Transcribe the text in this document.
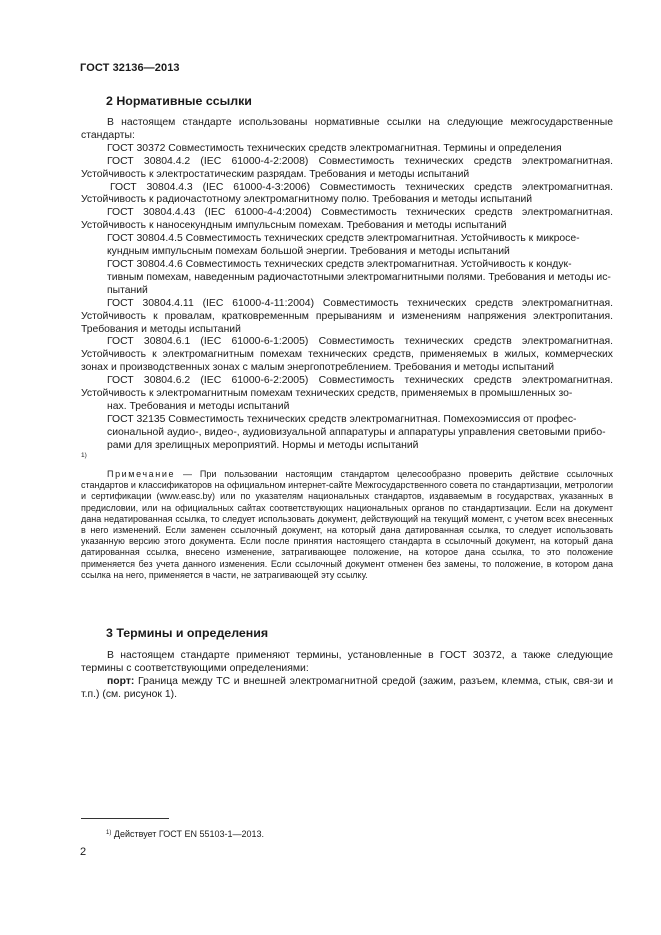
ГОСТ 32136—2013
2 Нормативные ссылки

В настоящем стандарте использованы нормативные ссылки на следующие межгосударственные стандарты:

ГОСТ 30372 Совместимость технических средств электромагнитная. Термины и определения

ГОСТ 30804.4.2 (IEC 61000-4-2:2008) Совместимость технических средств электромагнитная. Устойчивость к электростатическим разрядам. Требования и методы испытаний

ГОСТ 30804.4.3 (IEC 61000-4-3:2006) Совместимость технических средств электромагнитная. Устойчивость к радиочастотному электромагнитному полю. Требования и методы испытаний

ГОСТ 30804.4.43 (IEC 61000-4-4:2004) Совместимость технических средств электромагнитная. Устойчивость к наносекундным импульсным помехам. Требования и методы испытаний

ГОСТ 30804.4.5 Совместимость технических средств электромагнитная. Устойчивость к микросе-
кундным импульсным помехам большой энергии. Требования и методы испытаний

ГОСТ 30804.4.6 Совместимость технических средств электромагнитная. Устойчивость к кондук-
тивным помехам, наведенным радиочастотными электромагнитными полями. Требования и методы ис-
пытаний

ГОСТ 30804.4.11 (IEC 61000-4-11:2004) Совместимость технических средств электромагнитная. Устойчивость к провалам, кратковременным прерываниям и изменениям напряжения электропитания. Требования и методы испытаний

ГОСТ 30804.6.1 (IEC 61000-6-1:2005) Совместимость технических средств электромагнитная. Устойчивость к электромагнитным помехам технических средств, применяемых в жилых, коммерческих зонах и производственных зонах с малым энергопотреблением. Требования и методы испытаний

ГОСТ 30804.6.2 (IEC 61000-6-2:2005) Совместимость технических средств электромагнитная. Устойчивость к электромагнитным помехам технических средств, применяемых в промышленных зо-
нах. Требования и методы испытаний

ГОСТ 32135 Совместимость технических средств электромагнитная. Помехоэмиссия от профес-
сиональной аудио-, видео-, аудиовизуальной аппаратуры и аппаратуры управления световыми прибо-
рами для зрелищных мероприятий. Нормы и методы испытаний
$^{1)}$

Примечание — При пользовании настоящим стандартом целесообразно проверить действие ссылочных стандартов и классификаторов на официальном интернет-сайте Межгосударственного совета по стандартизации, метрологии и сертификации (www.easc.by) или по указателям национальных стандартов, издаваемым в государствах, указанных в предисловии, или на официальных сайтах соответствующих национальных органов по стандартизации. Если на документ дана недатированная ссылка, то следует использовать документ, действующий на текущий момент, с учетом всех внесенных в него изменений. Если заменен ссылочный документ, на который дана датированная ссылка, то следует использовать указанную версию этого документа. Если после принятия настоящего стандарта в ссылочный документ, на который дана датированная ссылка, внесено изменение, затрагивающее положение, на которое дана ссылка, то это положение применяется без учета данного изменения. Если ссылочный документ отменен без замены, то положение, в котором дана ссылка на него, применяется в части, не затрагивающей эту ссылку.

3 Термины и определения

В настоящем стандарте применяют термины, установленные в ГОСТ 30372, а также следующие термины с соответствующими определениями:

порт: Граница между ТС и внешней электромагнитной средой (зажим, разъем, клемма, стык, свя-зи и т.п.) (см. рисунок 1).

$^{1)}$ Действует ГОСТ EN 55103-1—2013.
2
